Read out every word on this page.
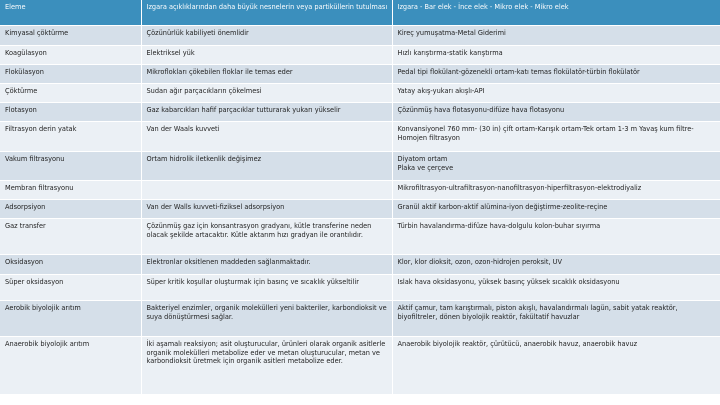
Eleme	Izgara açıklıklarından daha büyük nesnelerin veya partiküllerin tutulması	Izgara - Bar elek - İnce elek - Mikro elek - Mikro elek
Kimyasal çöktürme	Çözünürlük kabiliyeti önemlidir	Kireç yumuşatma-Metal Giderimi
Koagülasyon	Elektriksel yük	Hızlı karıştırma-statik karıştırma
Flokülasyon	Mikroflokları çökebilen floklar ile temas eder	Pedal tipi flokülant-gözenekli ortam-katı temas flokülatör-türbin flokülatör
Çöktürme	Sudan ağır parçacıkların çökelmesi	Yatay akış-yukarı akışlı-API
Flotasyon	Gaz kabarcıkları hafif parçacıklar tutturarak yukarı yükselir	Çözünmüş hava flotasyonu-difüze hava flotasyonu
Filtrasyon derin yatak	Van der Waals kuvveti	Konvansiyonel 760 mm- (30 in) çift ortam-Karışık ortam-Tek ortam 1-3 m Yavaş kum filtre-Homojen filtrasyon
Vakum filtrasyonu	Ortam hidrolik iletkenlik değişimez	Diyatom ortam
Plaka ve çerçeve

Membran filtrasyonu		Mikrofiltrasyon-ultrafiltrasyon-nanofiltrasyon-hiperfiltrasyon-elektrodiyaliz
Adsorpsiyon	Van der Walls kuvveti-fiziksel adsorpsiyon	Granül aktif karbon-aktif alümina-iyon değiştirme-zeolite-reçine
Gaz transfer	Çözünmüş gaz için konsantrasyon gradyanı, kütle transferine neden olacak şekilde artacaktır. Kütle aktarım hızı gradyan ile orantılıdır.	Türbin havalandırma-difüze hava-dolgulu kolon-buhar sıyırma
Oksidasyon	Elektronlar oksitlenen maddeden sağlanmaktadır.	Klor, klor dioksit, ozon, ozon-hidrojen peroksit, UV
Süper oksidasyon	Süper kritik koşullar oluşturmak için basınç ve sıcaklık yükseltilir	Islak hava oksidasyonu, yüksek basınç yüksek sıcaklık oksidasyonu
Aerobik biyolojik arıtım	Bakteriyel enzimler, organik molekülleri yeni bakteriler, karbondioksit ve suya dönüştürmesi sağlar.	Aktif çamur, tam karıştırmalı, piston akışlı, havalandırmalı lagün, sabit yatak reaktör, biyofiltreler, dönen biyolojik reaktör, fakültatif havuzlar
Anaerobik biyolojik arıtım	İki aşamalı reaksiyon; asit oluşturucular, ürünleri olarak organik asitlerle organik molekülleri metabolize eder ve metan oluşturucular, metan ve karbondioksit üretmek için organik asitleri metabolize eder.	Anaerobik biyolojik reaktör, çürütücü, anaerobik havuz, anaerobik havuz
